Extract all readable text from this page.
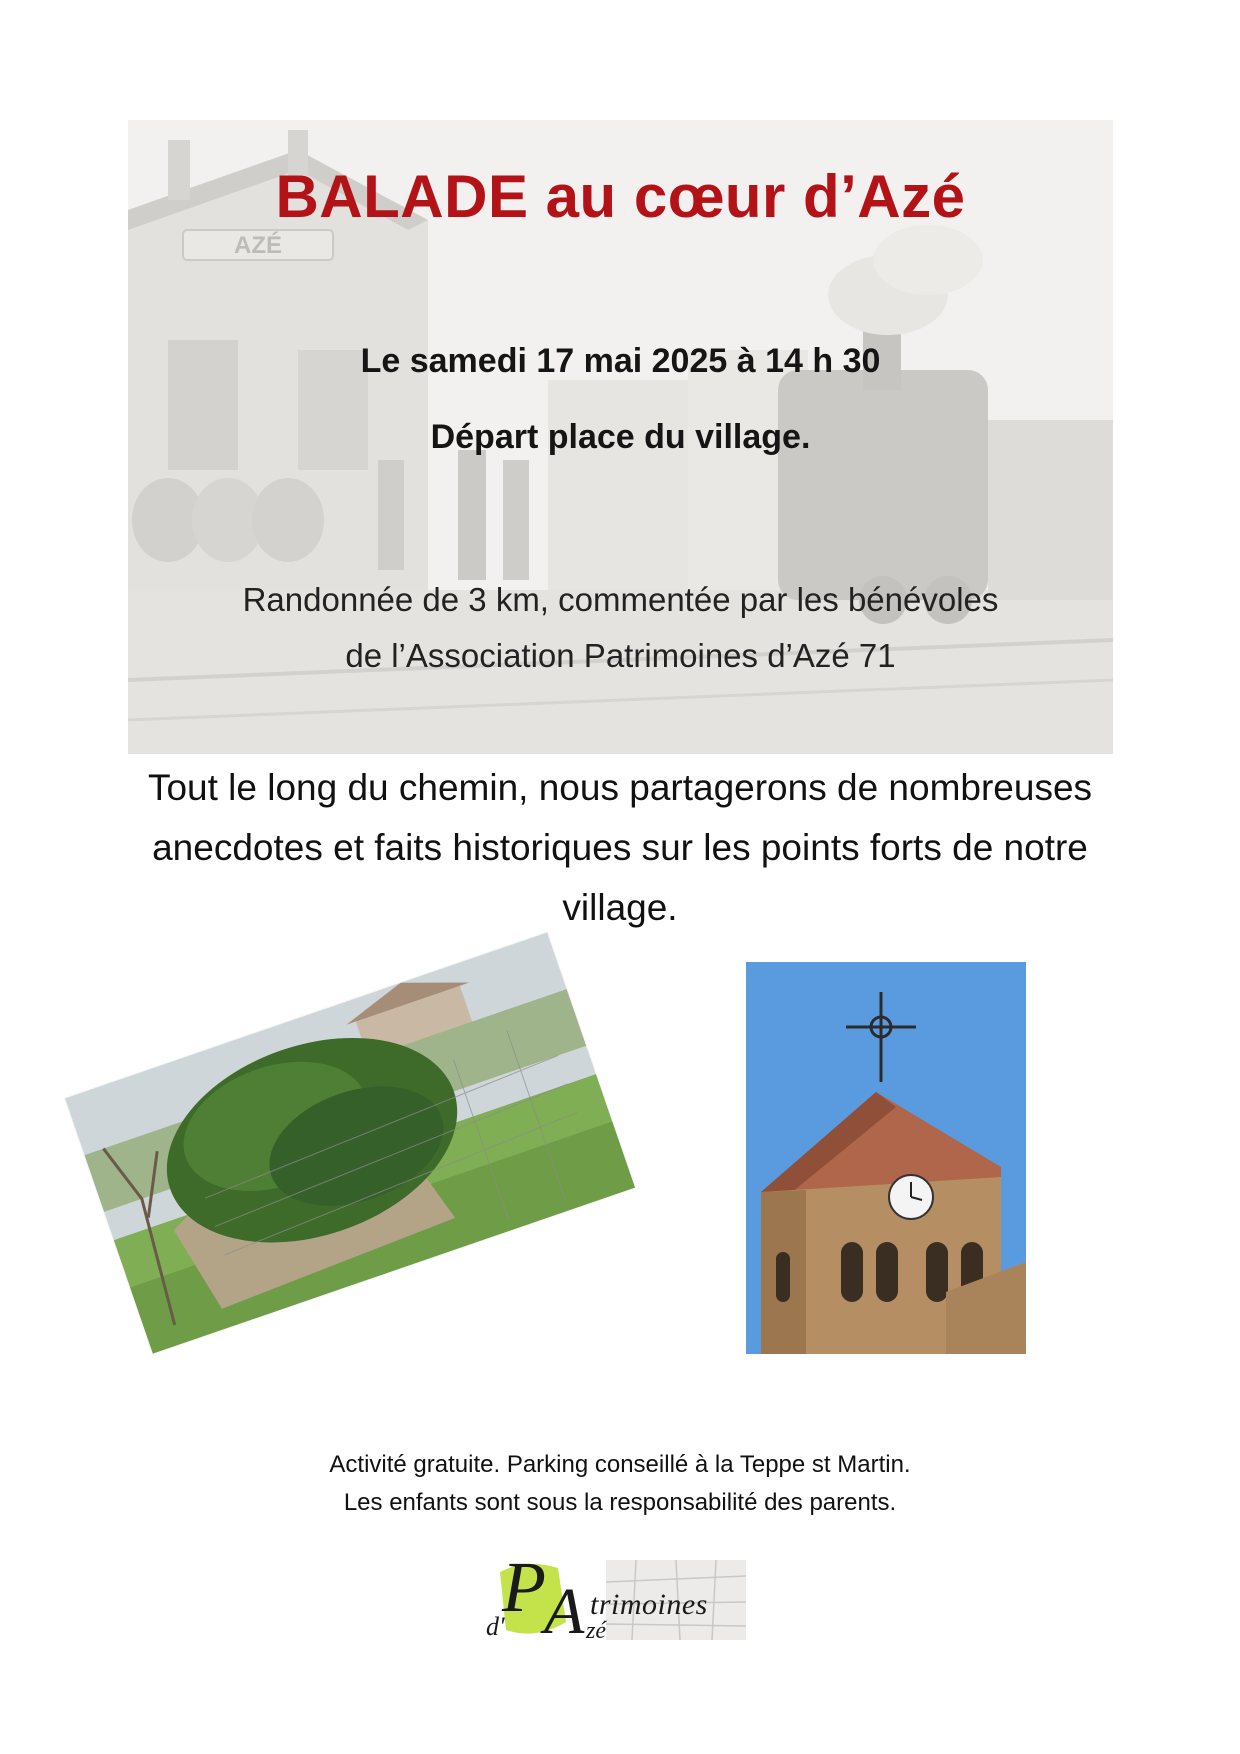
AZÉ
BALADE au cœur d’Azé
Le samedi 17 mai 2025 à 14 h 30
Départ place du village.
Randonnée de 3 km, commentée par les bénévoles
de l’Association Patrimoines d’Azé 71
Tout le long du chemin, nous partagerons de nombreuses
anecdotes et faits historiques sur les points forts de notre
village.
Activité gratuite. Parking conseillé à la Teppe st Martin.
Les enfants sont sous la responsabilité des parents.
P
A
d'
trimoines
zé
